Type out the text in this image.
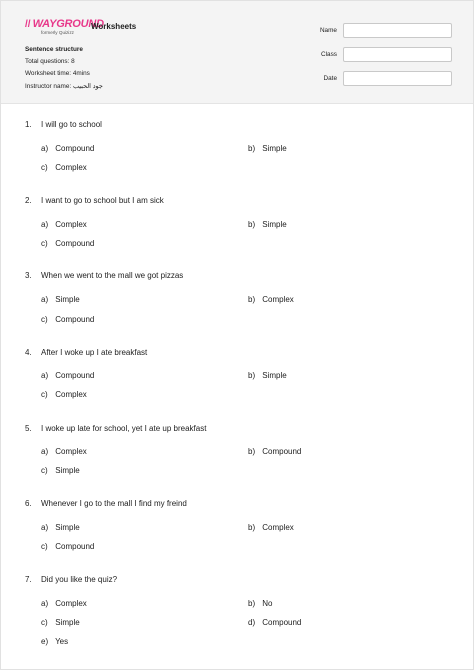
// WAYGROUND
formerly Quizizz
Worksheets
Sentence structure
Total questions: 8
Worksheet time: 4mins
Instructor name: جود الحبيب
Name
Class
Date
1.	I will go to school
a) Compound	b) Simple
c) Complex
2.	I want to go to school but I am sick
a) Complex	b) Simple
c) Compound
3.	When we went to the mall we got pizzas
a) Simple	b) Complex
c) Compound
4.	After I woke up I ate breakfast
a) Compound	b) Simple
c) Complex
5.	I woke up late for school, yet I ate up breakfast
a) Complex	b) Compound
c) Simple
6.	Whenever I go to the mall I find my freind
a) Simple	b) Complex
c) Compound
7.	Did you like the quiz?
a) Complex	b) No
c) Simple	d) Compound
e) Yes
